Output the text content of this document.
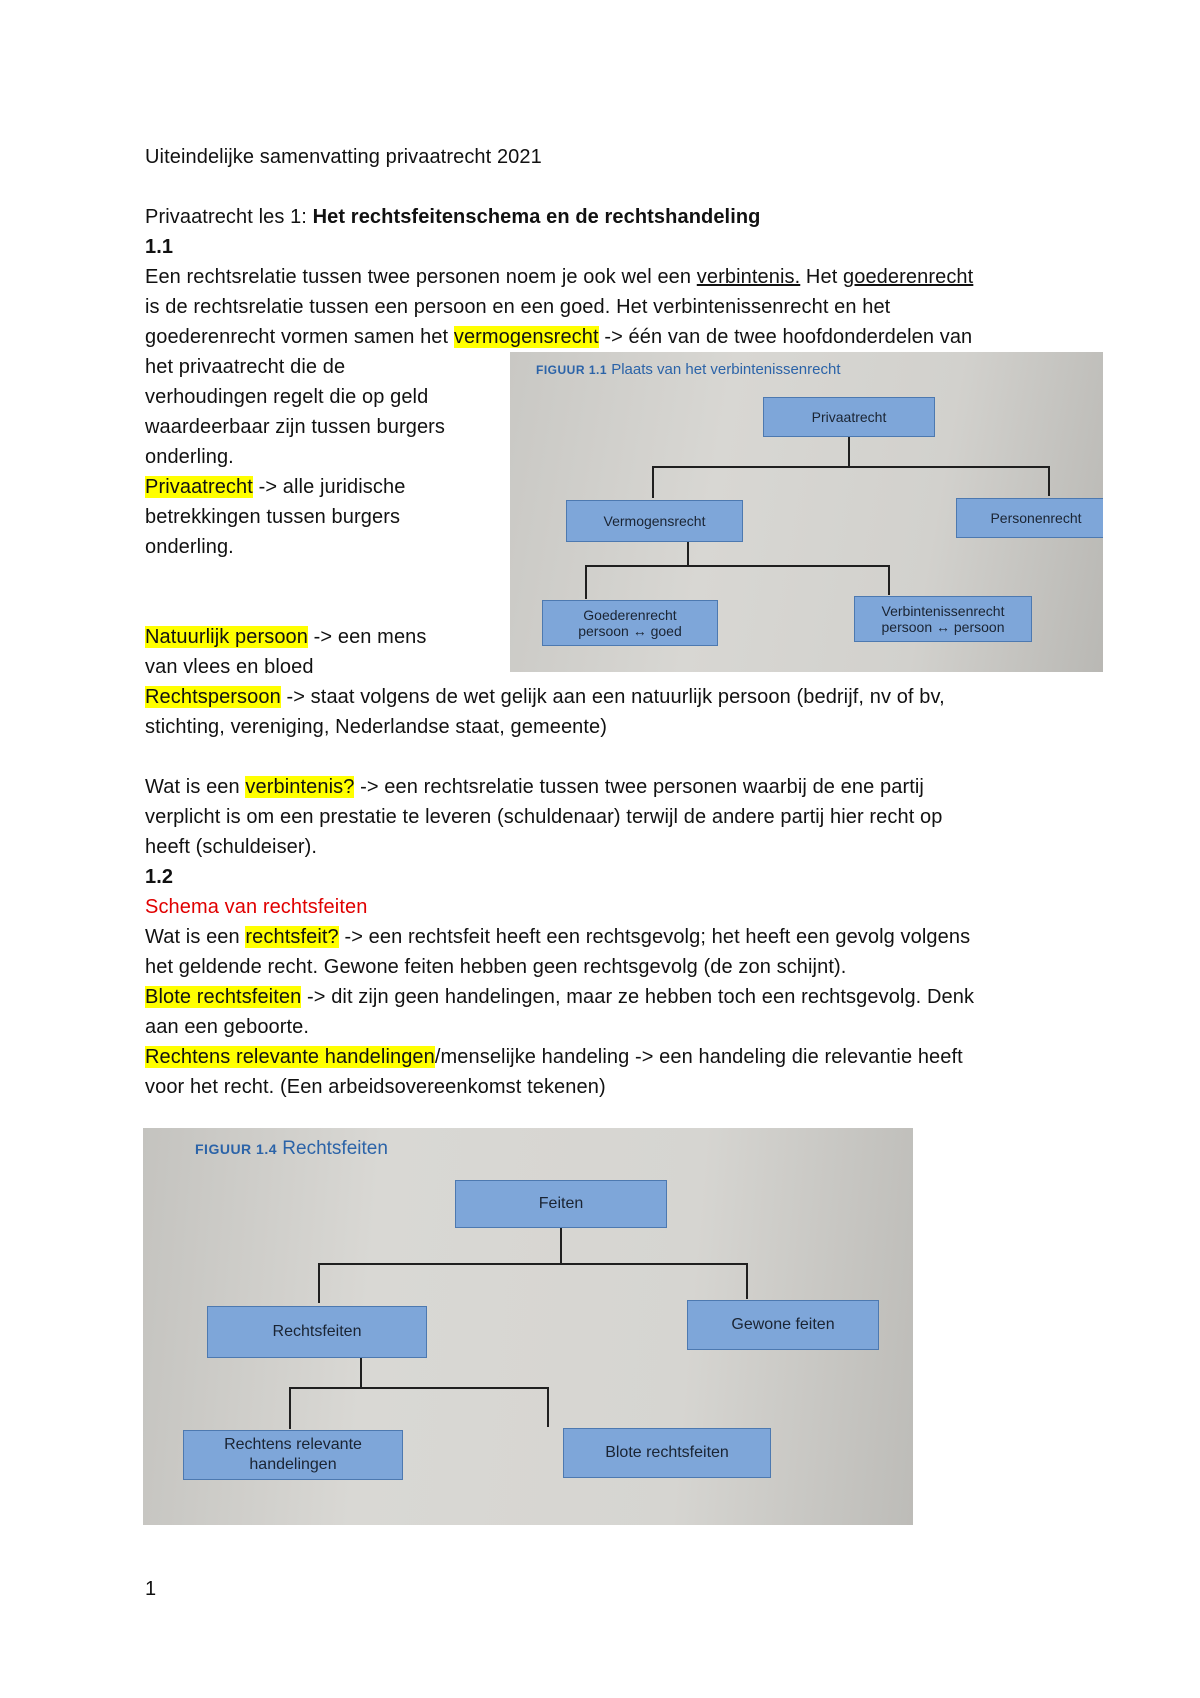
Uiteindelijke samenvatting privaatrecht 2021
Privaatrecht les 1: Het rechtsfeitenschema en de rechtshandeling
1.1
Een rechtsrelatie tussen twee personen noem je ook wel een verbintenis. Het goederenrecht
is de rechtsrelatie tussen een persoon en een goed. Het verbintenissenrecht en het
goederenrecht vormen samen het vermogensrecht -> één van de twee hoofdonderdelen van
het privaatrecht die de
verhoudingen regelt die op geld
waardeerbaar zijn tussen burgers
onderling.
Privaatrecht -> alle juridische
betrekkingen tussen burgers
onderling.
Natuurlijk persoon -> een mens
van vlees en bloed
Rechtspersoon -> staat volgens de wet gelijk aan een natuurlijk persoon (bedrijf, nv of bv,
stichting, vereniging, Nederlandse staat, gemeente)
Wat is een verbintenis? -> een rechtsrelatie tussen twee personen waarbij de ene partij
verplicht is om een prestatie te leveren (schuldenaar) terwijl de andere partij hier recht op
heeft (schuldeiser).
1.2
Schema van rechtsfeiten
Wat is een rechtsfeit? -> een rechtsfeit heeft een rechtsgevolg; het heeft een gevolg volgens
het geldende recht. Gewone feiten hebben geen rechtsgevolg (de zon schijnt).
Blote rechtsfeiten -> dit zijn geen handelingen, maar ze hebben toch een rechtsgevolg. Denk
aan een geboorte.
Rechtens relevante handelingen/menselijke handeling -> een handeling die relevantie heeft
voor het recht. (Een arbeidsovereenkomst tekenen)
FIGUUR 1.1 Plaats van het verbintenissenrecht
Privaatrecht
Vermogensrecht	Personenrecht
Goederenrecht
persoon ↔ goed
Verbintenissenrecht
persoon ↔ persoon
FIGUUR 1.4 Rechtsfeiten
Feiten
Rechtsfeiten	Gewone feiten
Rechtens relevante
handelingen
Blote rechtsfeiten
1
